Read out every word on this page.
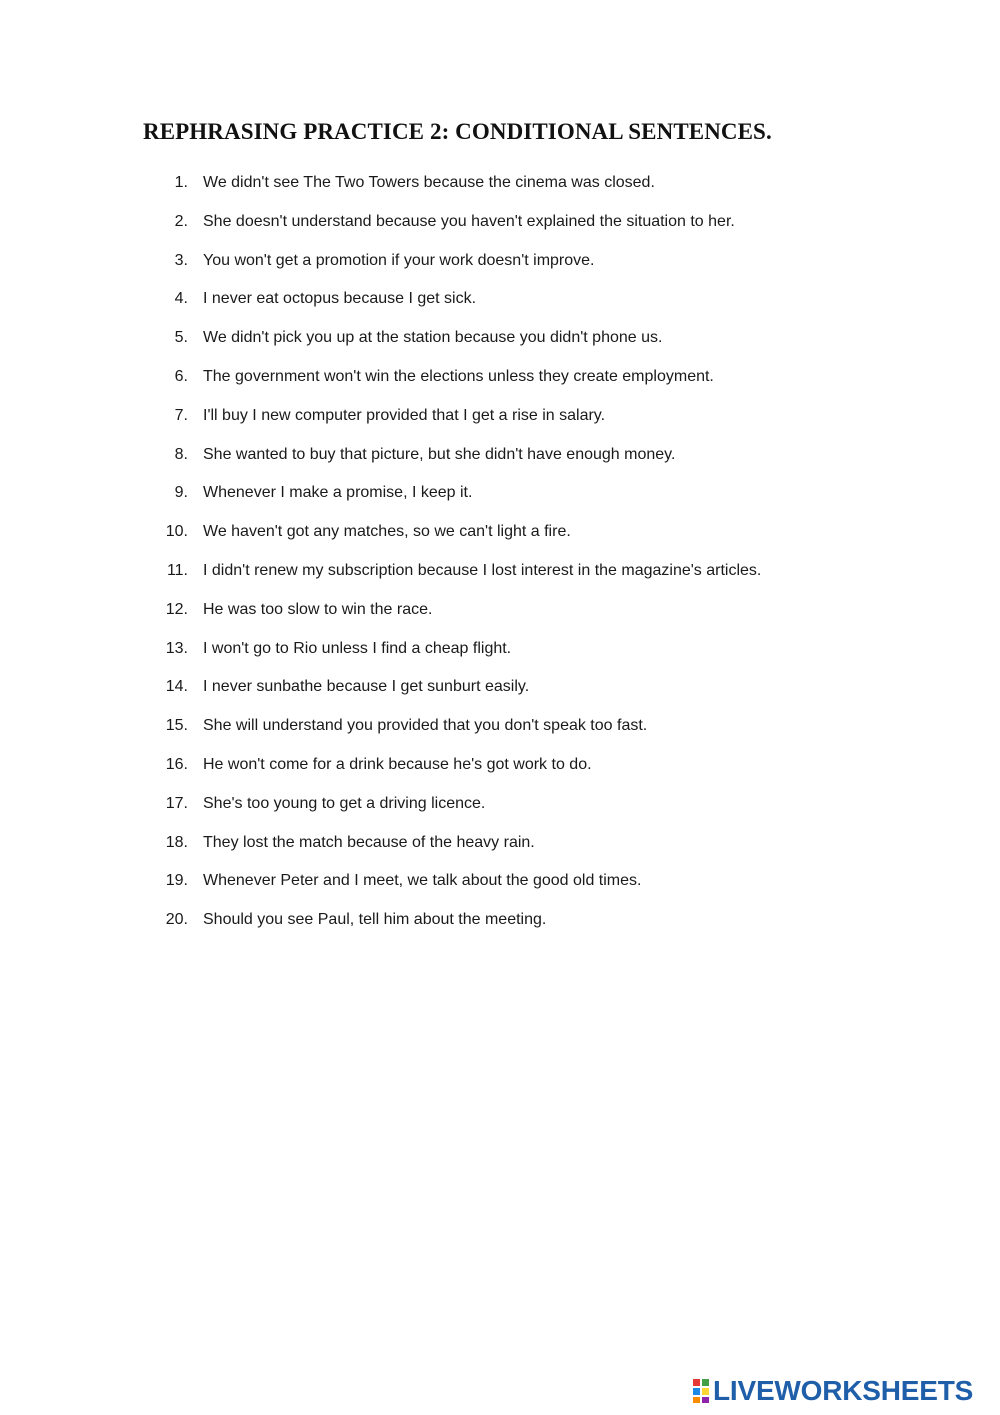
REPHRASING PRACTICE 2: CONDITIONAL SENTENCES.
1. We didn't see The Two Towers because the cinema was closed.
2. She doesn't understand because you haven't explained the situation to her.
3. You won't get a promotion if your work doesn't improve.
4. I never eat octopus because I get sick.
5. We didn't pick you up at the station because you didn't phone us.
6. The government won't win the elections unless they create employment.
7. I'll buy I new computer provided that I get a rise in salary.
8. She wanted to buy that picture, but she didn't have enough money.
9. Whenever I make a promise, I keep it.
10. We haven't got any matches, so we can't light a fire.
11. I didn't renew my subscription because I lost interest in the magazine's articles.
12. He was too slow to win the race.
13. I won't go to Rio unless I find a cheap flight.
14. I never sunbathe because I get sunburt easily.
15. She will understand you provided that you don't speak too fast.
16. He won't come for a drink because he's got work to do.
17. She's too young to get a driving licence.
18. They lost the match because of the heavy rain.
19. Whenever Peter and I meet, we talk about the good old times.
20. Should you see Paul, tell him about the meeting.
LIVEWORKSHEETS
